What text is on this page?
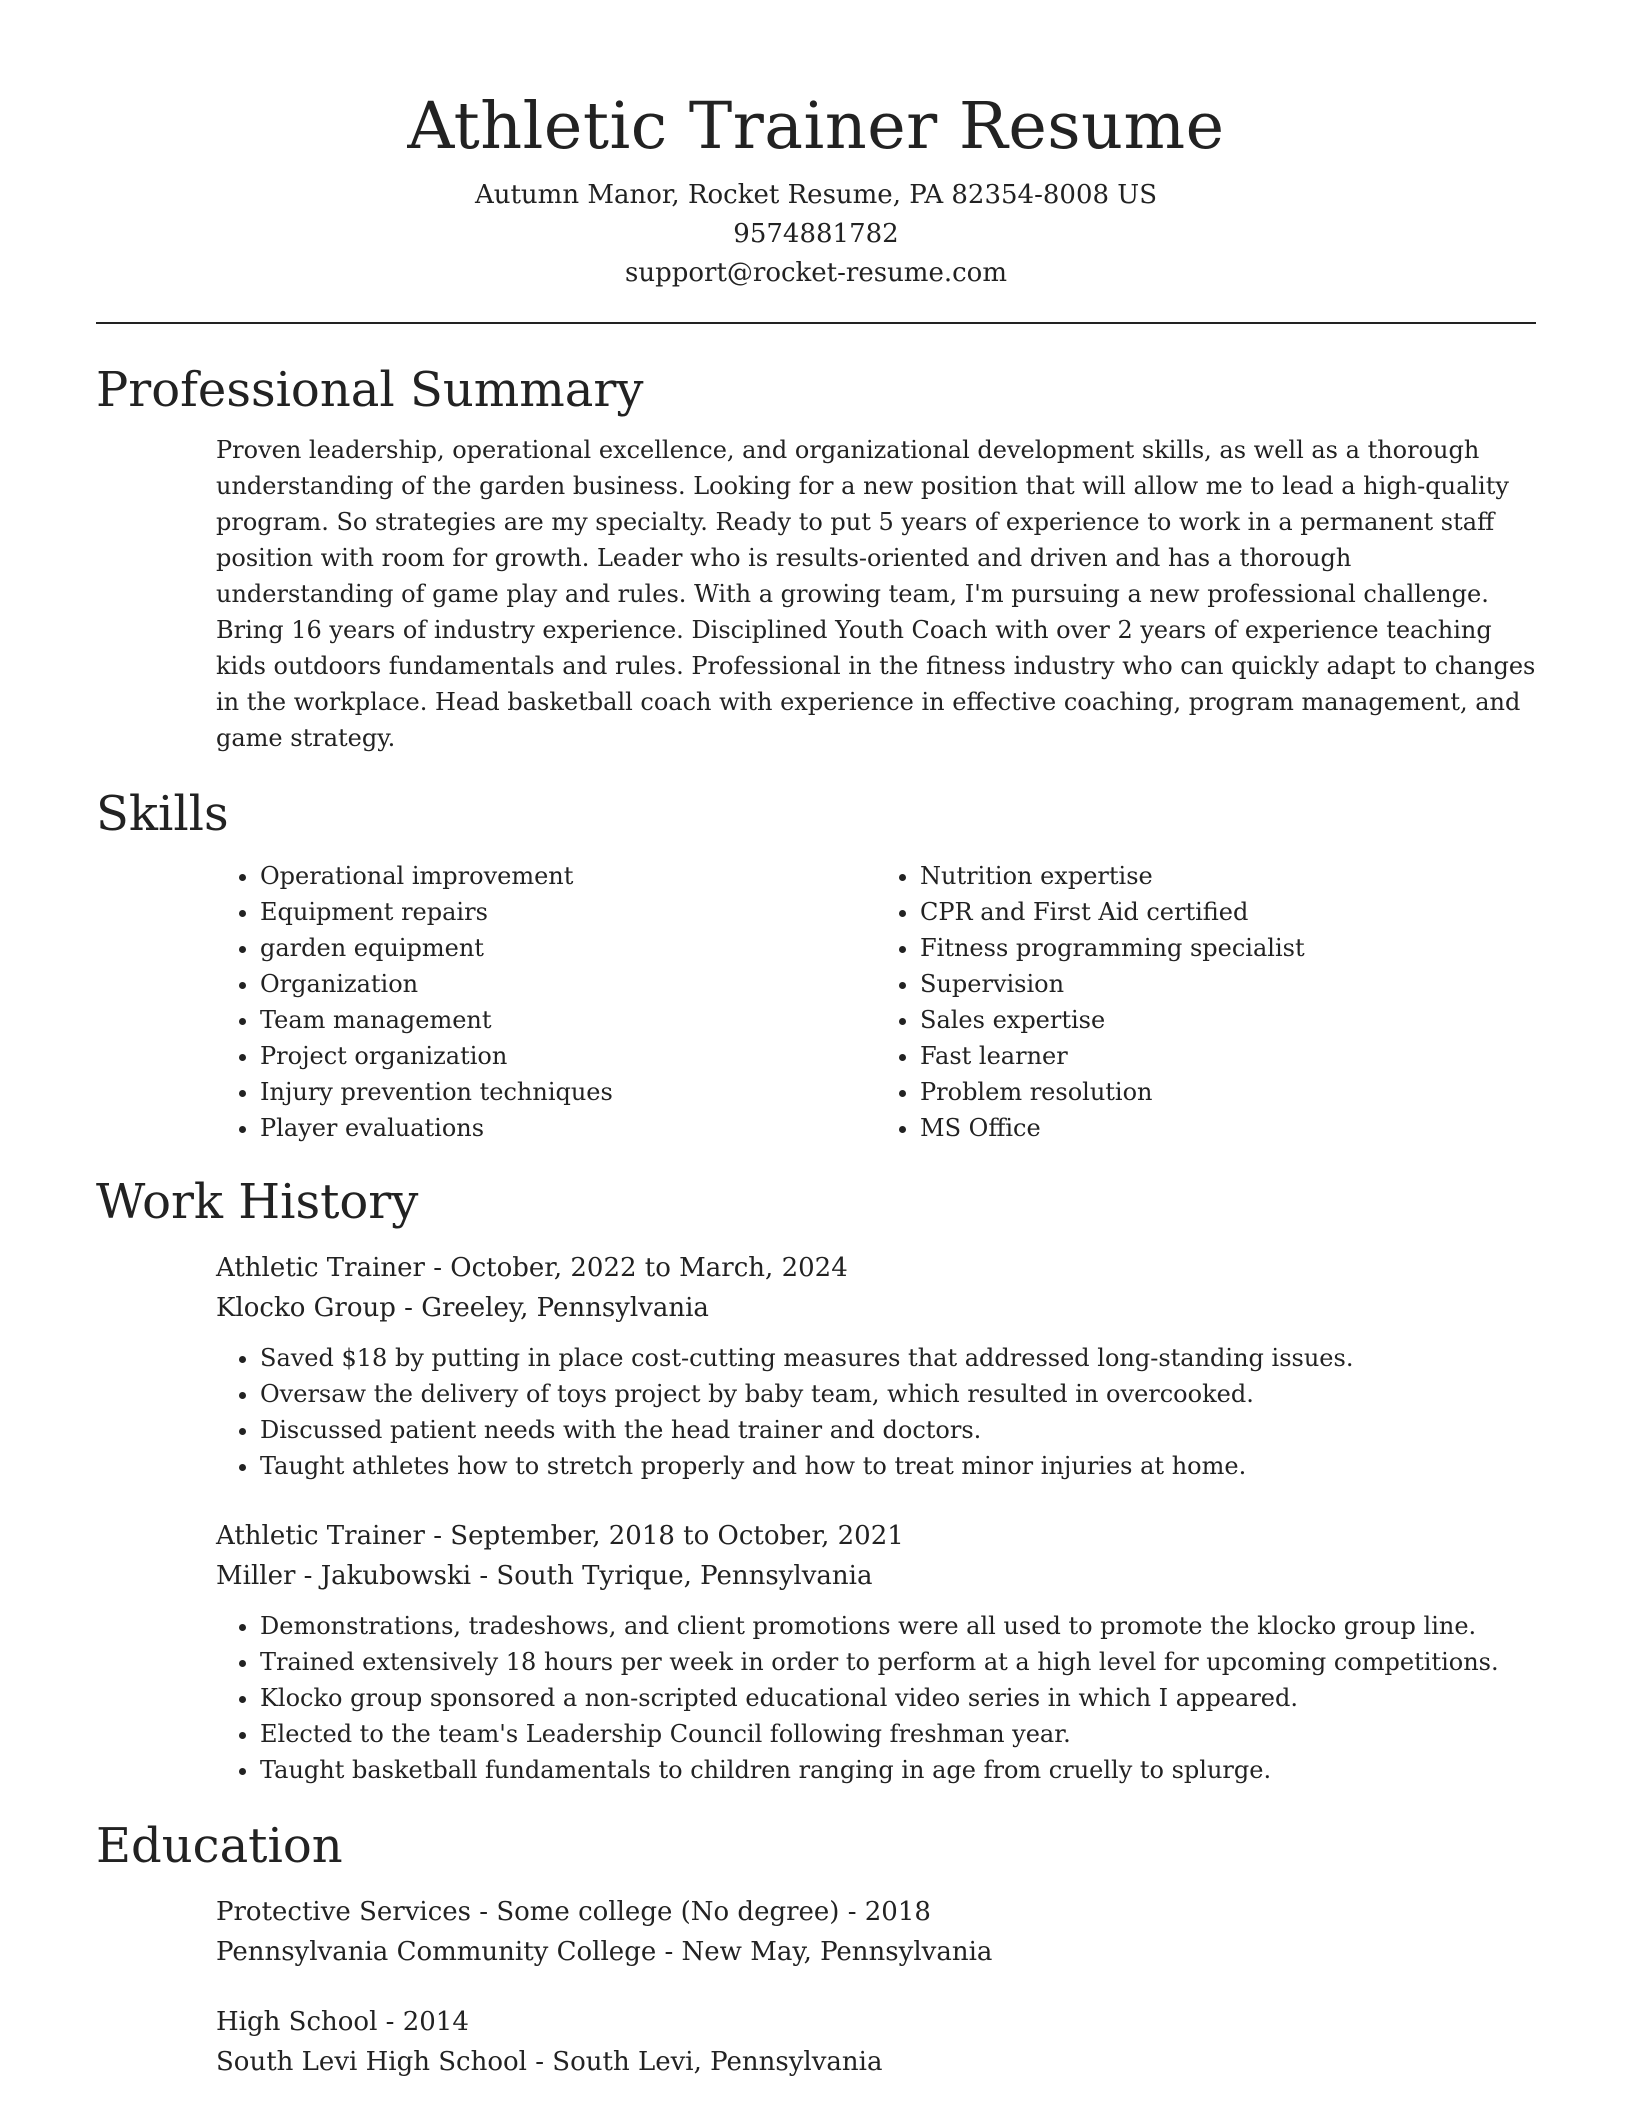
Athletic Trainer Resume

Autumn Manor, Rocket Resume, PA 82354-8008 US

9574881782

support@rocket-resume.com

Professional Summary

Proven leadership, operational excellence, and organizational development skills, as well as a thorough understanding of the garden business. Looking for a new position that will allow me to lead a high-quality program. So strategies are my specialty. Ready to put 5 years of experience to work in a permanent staff position with room for growth. Leader who is results-oriented and driven and has a thorough understanding of game play and rules. With a growing team, I'm pursuing a new professional challenge. Bring 16 years of industry experience. Disciplined Youth Coach with over 2 years of experience teaching kids outdoors fundamentals and rules. Professional in the fitness industry who can quickly adapt to changes in the workplace. Head basketball coach with experience in effective coaching, program management, and game strategy.

Skills
• Operational improvement
• Equipment repairs
• garden equipment
• Organization
• Team management
• Project organization
• Injury prevention techniques
• Player evaluations
• Nutrition expertise
• CPR and First Aid certified
• Fitness programming specialist
• Supervision
• Sales expertise
• Fast learner
• Problem resolution
• MS Office
Work History

Athletic Trainer - October, 2022 to March, 2024

Klocko Group - Greeley, Pennsylvania

• Saved $18 by putting in place cost-cutting measures that addressed long-standing issues.
• Oversaw the delivery of toys project by baby team, which resulted in overcooked.
• Discussed patient needs with the head trainer and doctors.
• Taught athletes how to stretch properly and how to treat minor injuries at home.

Athletic Trainer - September, 2018 to October, 2021

Miller - Jakubowski - South Tyrique, Pennsylvania

• Demonstrations, tradeshows, and client promotions were all used to promote the klocko group line.
• Trained extensively 18 hours per week in order to perform at a high level for upcoming competitions.
• Klocko group sponsored a non-scripted educational video series in which I appeared.
• Elected to the team's Leadership Council following freshman year.
• Taught basketball fundamentals to children ranging in age from cruelly to splurge.
Education

Protective Services - Some college (No degree) - 2018

Pennsylvania Community College - New May, Pennsylvania

High School - 2014

South Levi High School - South Levi, Pennsylvania
